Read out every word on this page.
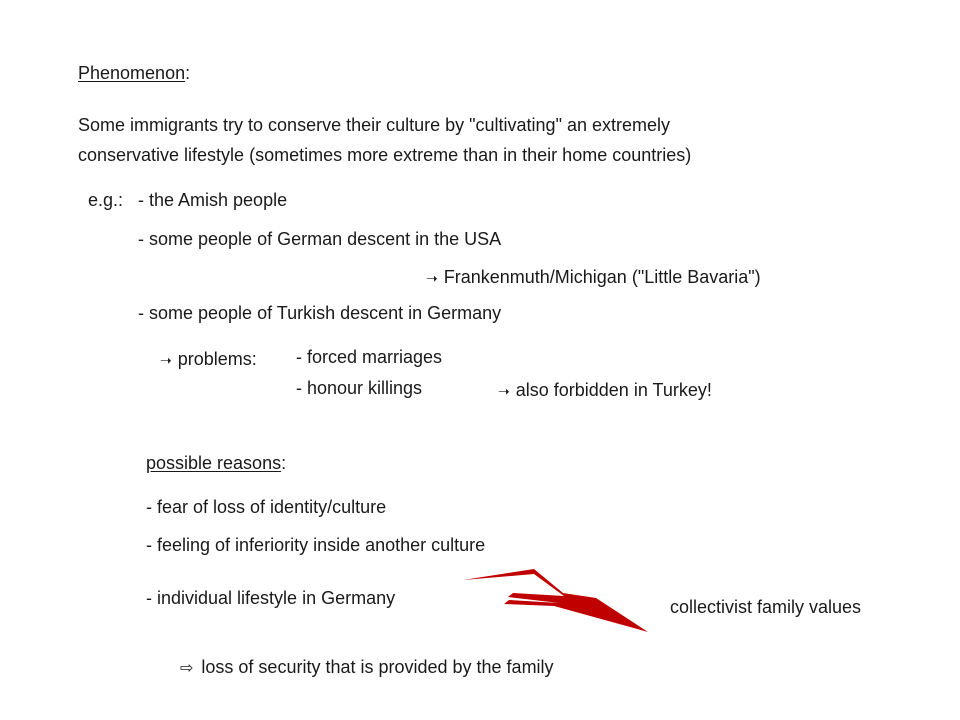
Phenomenon:
Some immigrants try to conserve their culture by "cultivating" an extremely
conservative lifestyle (sometimes more extreme than in their home countries)
e.g.: - the Amish people
- some people of German descent in the USA
➝ Frankenmuth/Michigan ("Little Bavaria")
- some people of Turkish descent in Germany
➝ problems: - forced marriages
- honour killings	➝ also forbidden in Turkey!
possible reasons:
- fear of loss of identity/culture
- feeling of inferiority inside another culture
- individual lifestyle in Germany	collectivist family values
⇨ loss of security that is provided by the family
